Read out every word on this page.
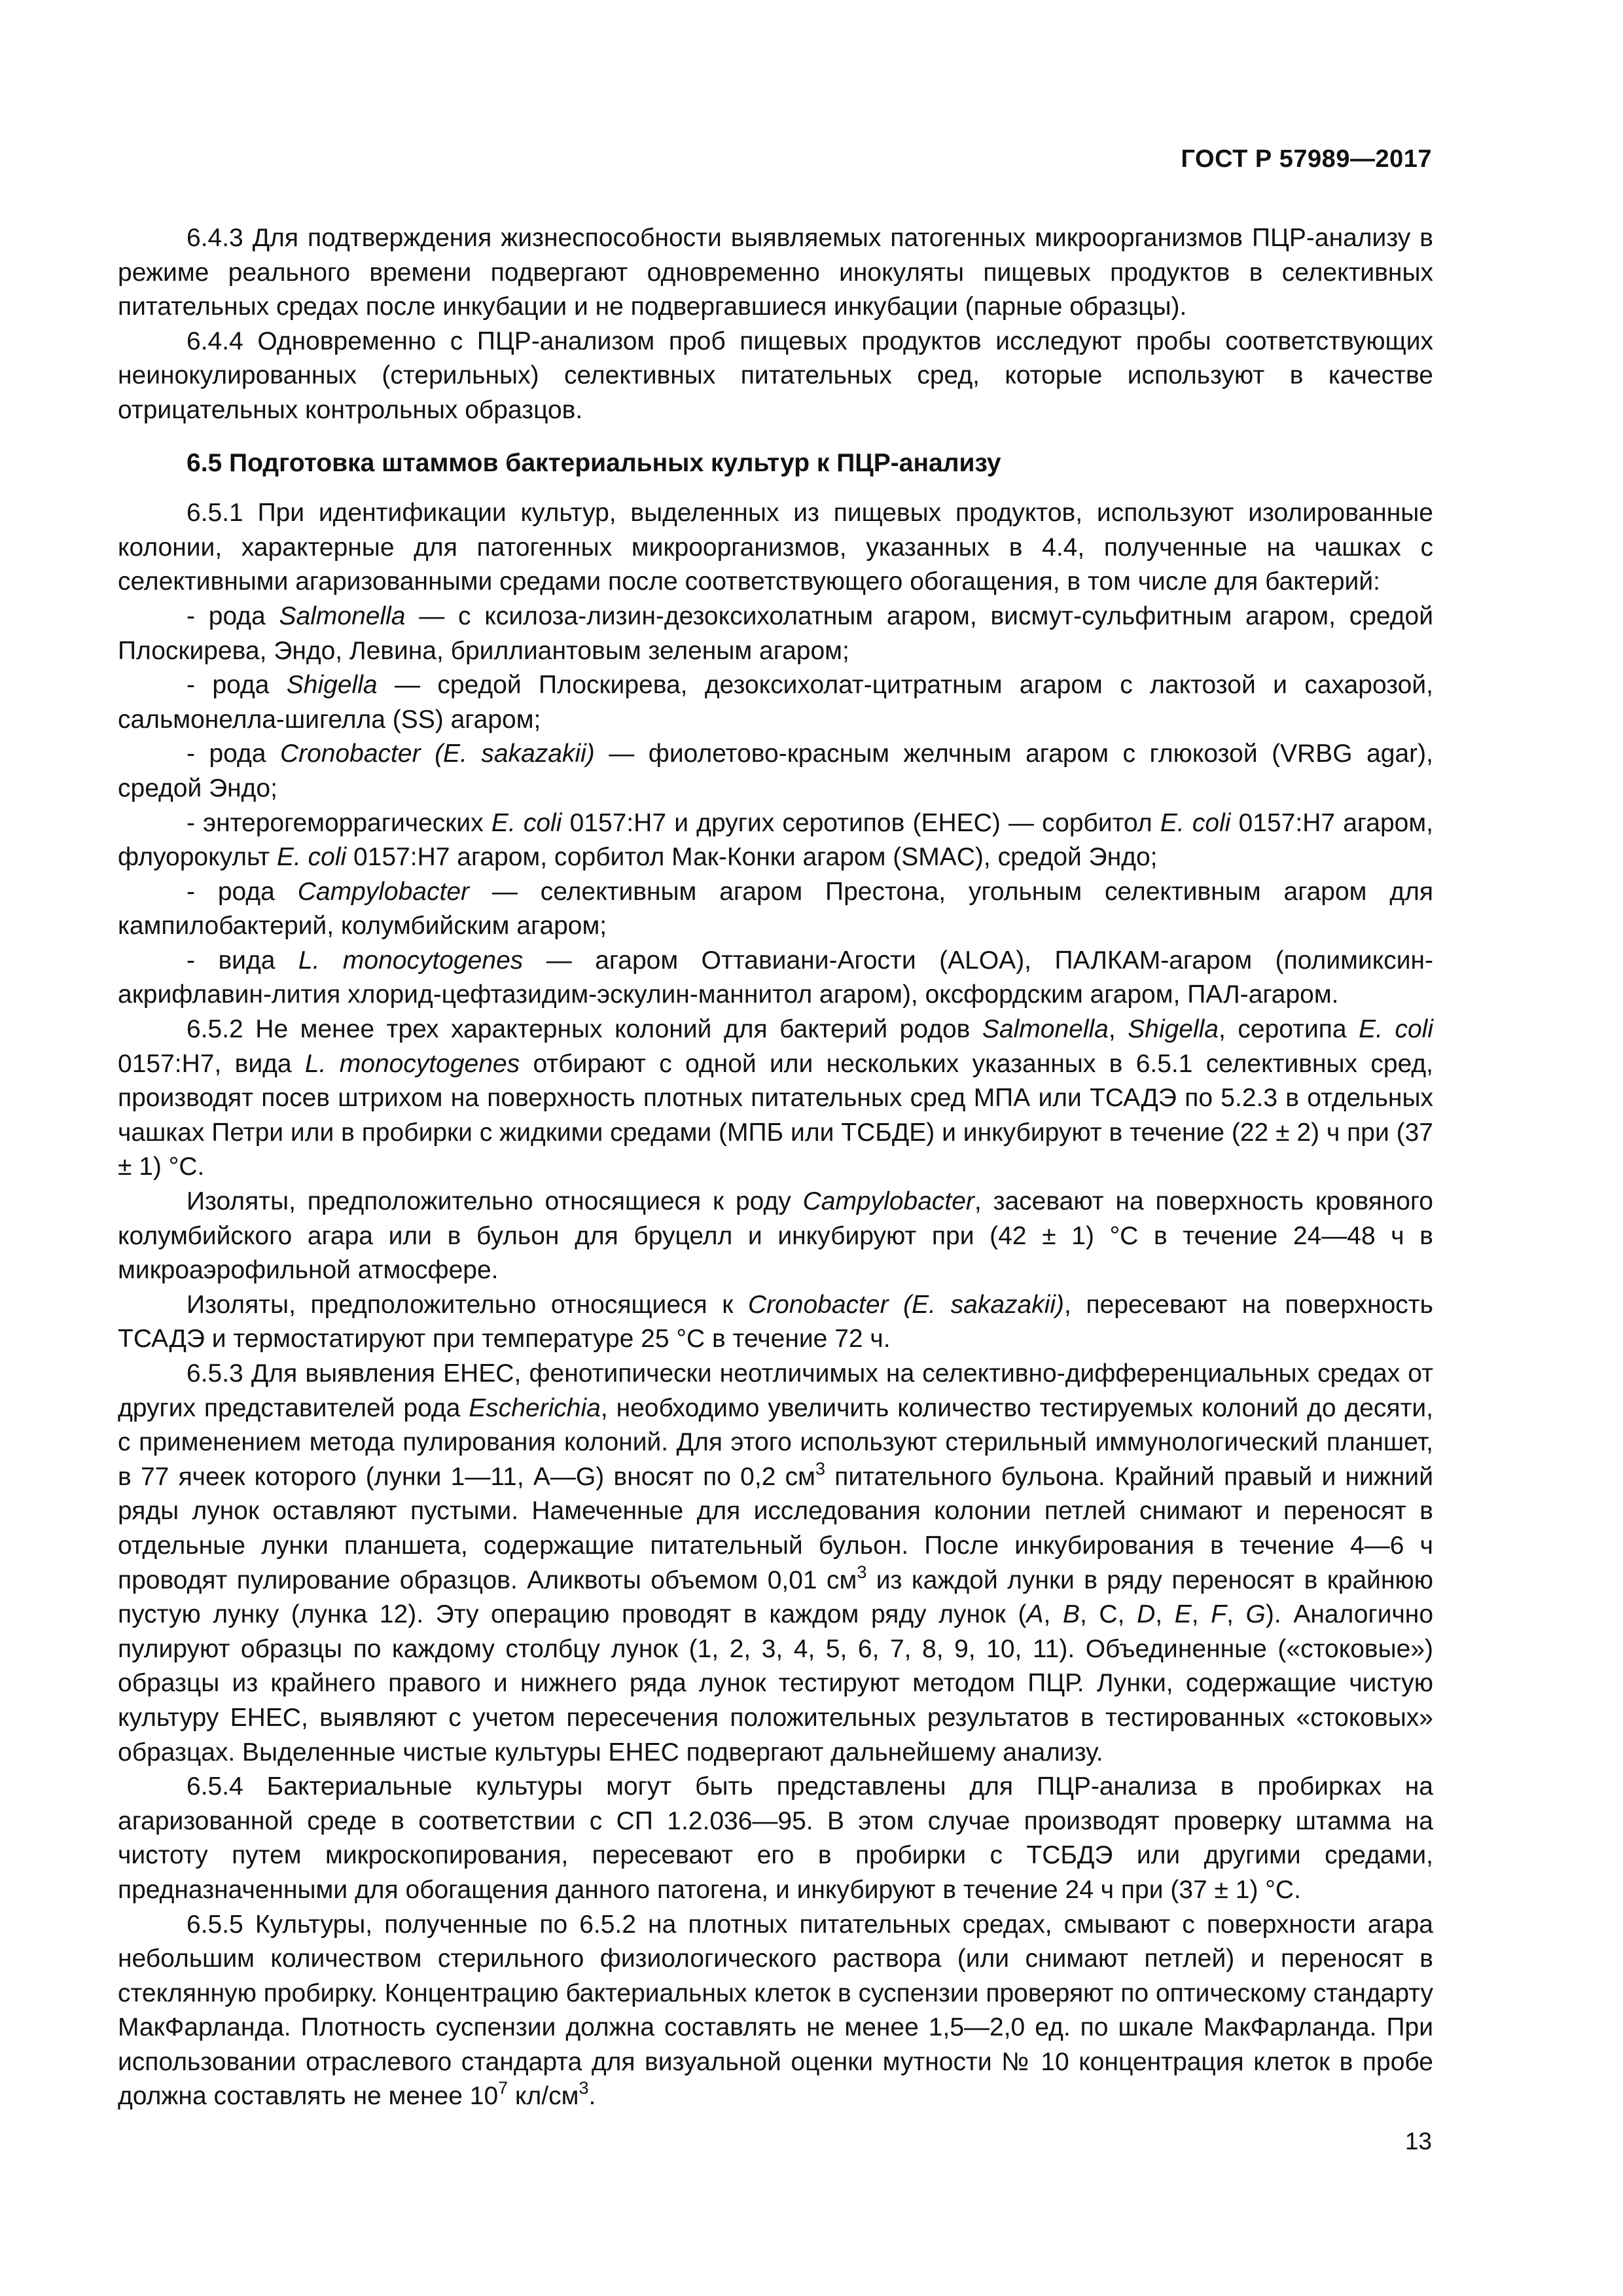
ГОСТ Р 57989—2017

6.4.3 Для подтверждения жизнеспособности выявляемых патогенных микроорганизмов ПЦР-анализу в режиме реального времени подвергают одновременно инокуляты пищевых продуктов в селективных питательных средах после инкубации и не подвергавшиеся инкубации (парные образцы).

6.4.4 Одновременно с ПЦР-анализом проб пищевых продуктов исследуют пробы соответствующих неинокулированных (стерильных) селективных питательных сред, которые используют в качестве отрицательных контрольных образцов.

6.5 Подготовка штаммов бактериальных культур к ПЦР-анализу

6.5.1 При идентификации культур, выделенных из пищевых продуктов, используют изолированные колонии, характерные для патогенных микроорганизмов, указанных в 4.4, полученные на чашках с селективными агаризованными средами после соответствующего обогащения, в том числе для бактерий:

- рода Salmonella — с ксилоза-лизин-дезоксихолатным агаром, висмут-сульфитным агаром, средой Плоскирева, Эндо, Левина, бриллиантовым зеленым агаром;

- рода Shigella — средой Плоскирева, дезоксихолат-цитратным агаром с лактозой и сахарозой, сальмонелла-шигелла (SS) агаром;

- рода Cronobacter (E. sakazakii) — фиолетово-красным желчным агаром с глюкозой (VRBG agar), средой Эндо;

- энтерогеморрагических E. coli 0157:Н7 и других серотипов (ЕНЕС) — сорбитол E. coli 0157:Н7 агаром, флуорокульт E. coli 0157:Н7 агаром, сорбитол Мак-Конки агаром (SMAC), средой Эндо;

- рода Campylobacter — селективным агаром Престона, угольным селективным агаром для кампилобактерий, колумбийским агаром;

- вида L. monocytogenes — агаром Оттавиани-Агости (ALOA), ПАЛКАМ-агаром (полимиксин-акрифлавин-лития хлорид-цефтазидим-эскулин-маннитол агаром), оксфордским агаром, ПАЛ-агаром.

6.5.2 Не менее трех характерных колоний для бактерий родов Salmonella, Shigella, серотипа E. coli 0157:Н7, вида L. monocytogenes отбирают с одной или нескольких указанных в 6.5.1 селективных сред, производят посев штрихом на поверхность плотных питательных сред МПА или ТСАДЭ по 5.2.3 в отдельных чашках Петри или в пробирки с жидкими средами (МПБ или ТСБДЕ) и инкубируют в течение (22 ± 2) ч при (37 ± 1) °С.

Изоляты, предположительно относящиеся к роду Campylobacter, засевают на поверхность кровяного колумбийского агара или в бульон для бруцелл и инкубируют при (42 ± 1) °С в течение 24—48 ч в микроаэрофильной атмосфере.

Изоляты, предположительно относящиеся к Cronobacter (E. sakazakii), пересевают на поверхность ТСАДЭ и термостатируют при температуре 25 °С в течение 72 ч.

6.5.3 Для выявления ЕНЕС, фенотипически неотличимых на селективно-дифференциальных средах от других представителей рода Escherichia, необходимо увеличить количество тестируемых колоний до десяти, с применением метода пулирования колоний. Для этого используют стерильный иммунологический планшет, в 77 ячеек которого (лунки 1—11, A—G) вносят по 0,2 $см^3$ питательного бульона. Крайний правый и нижний ряды лунок оставляют пустыми. Намеченные для исследования колонии петлей снимают и переносят в отдельные лунки планшета, содержащие питательный бульон. После инкубирования в течение 4—6 ч проводят пулирование образцов. Аликвоты объемом 0,01 $см^3$ из каждой лунки в ряду переносят в крайнюю пустую лунку (лунка 12). Эту операцию проводят в каждом ряду лунок (A, B, С, D, E, F, G). Аналогично пулируют образцы по каждому столбцу лунок (1, 2, 3, 4, 5, 6, 7, 8, 9, 10, 11). Объединенные («стоковые») образцы из крайнего правого и нижнего ряда лунок тестируют методом ПЦР. Лунки, содержащие чистую культуру ЕНЕС, выявляют с учетом пересечения положительных результатов в тестированных «стоковых» образцах. Выделенные чистые культуры ЕНЕС подвергают дальнейшему анализу.

6.5.4 Бактериальные культуры могут быть представлены для ПЦР-анализа в пробирках на агаризованной среде в соответствии с СП 1.2.036—95. В этом случае производят проверку штамма на чистоту путем микроскопирования, пересевают его в пробирки с ТСБДЭ или другими средами, предназначенными для обогащения данного патогена, и инкубируют в течение 24 ч при (37 ± 1) °С.

6.5.5 Культуры, полученные по 6.5.2 на плотных питательных средах, смывают с поверхности агара небольшим количеством стерильного физиологического раствора (или снимают петлей) и переносят в стеклянную пробирку. Концентрацию бактериальных клеток в суспензии проверяют по оптическому стандарту МакФарланда. Плотность суспензии должна составлять не менее 1,5—2,0 ед. по шкале МакФарланда. При использовании отраслевого стандарта для визуальной оценки мутности № 10 концентрация клеток в пробе должна составлять не менее $10^7$ $кл/см^3$.

13
